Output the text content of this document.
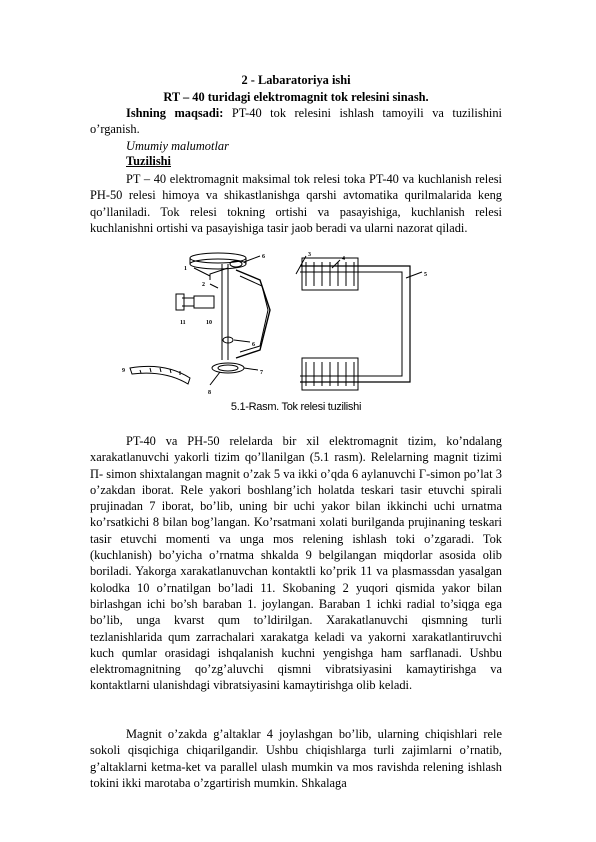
2 - Labaratoriya ishi
RT – 40 turidagi elektromagnit tok relesini sinash.
Ishning maqsadi: PT-40 tok relesini ishlash tamoyili va tuzilishini o’rganish.
Umumiy malumotlar
Tuzilishi
PT – 40 elektromagnit maksimal tok relesi toka PT-40 va kuchlanish relesi PH-50 relesi himoya va shikastlanishga qarshi avtomatika qurilmalarida keng qo’llaniladi. Tok relesi tokning ortishi va pasayishiga, kuchlanish relesi kuchlanishni ortishi va pasayishiga tasir jaob beradi va ularni nazorat qiladi.
1
2
3
4
5
6
6
7
8
9
10
11
5.1-Rasm. Tok relesi tuzilishi
PT-40 va PH-50 relelarda bir xil elektromagnit tizim, ko’ndalang xarakatlanuvchi yakorli tizim qo’llanilgan (5.1 rasm). Relelarning magnit tizimi П- simon shixtalangan magnit o’zak 5 va ikki o’qda 6 aylanuvchi Г-simon po’lat 3 o’zakdan iborat. Rele yakori boshlang’ich holatda teskari tasir etuvchi spirali prujinadan 7 iborat, bo’lib, uning bir uchi yakor bilan ikkinchi uchi urnatma ko’rsatkichi 8 bilan bog’langan. Ko’rsatmani xolati burilganda prujinaning teskari tasir etuvchi momenti va unga mos relening ishlash toki o’zgaradi. Tok (kuchlanish) bo’yicha o’rnatma shkalda 9 belgilangan miqdorlar asosida olib boriladi. Yakorga xarakatlanuvchan kontaktli ko’prik 11 va plasmassdan yasalgan kolodka 10 o’rnatilgan bo’ladi 11. Skobaning 2 yuqori qismida yakor bilan birlashgan ichi bo’sh baraban 1. joylangan. Baraban 1 ichki radial to’siqga ega bo’lib, unga kvarst qum to’ldirilgan. Xarakatlanuvchi qismning turli tezlanishlarida qum zarrachalari xarakatga keladi va yakorni xarakatlantiruvchi kuch qumlar orasidagi ishqalanish kuchni yengishga ham sarflanadi. Ushbu elektromagnitning qo’zg’aluvchi qismni vibratsiyasini kamaytirishga va kontaktlarni ulanishdagi vibratsiyasini kamaytirishga olib keladi.
Magnit o’zakda g’altaklar 4 joylashgan bo’lib, ularning chiqishlari rele sokoli qisqichiga chiqarilgandir. Ushbu chiqishlarga turli zajimlarni o’rnatib, g’altaklarni ketma-ket va parallel ulash mumkin va mos ravishda relening ishlash tokini ikki marotaba o’zgartirish mumkin. Shkalaga
